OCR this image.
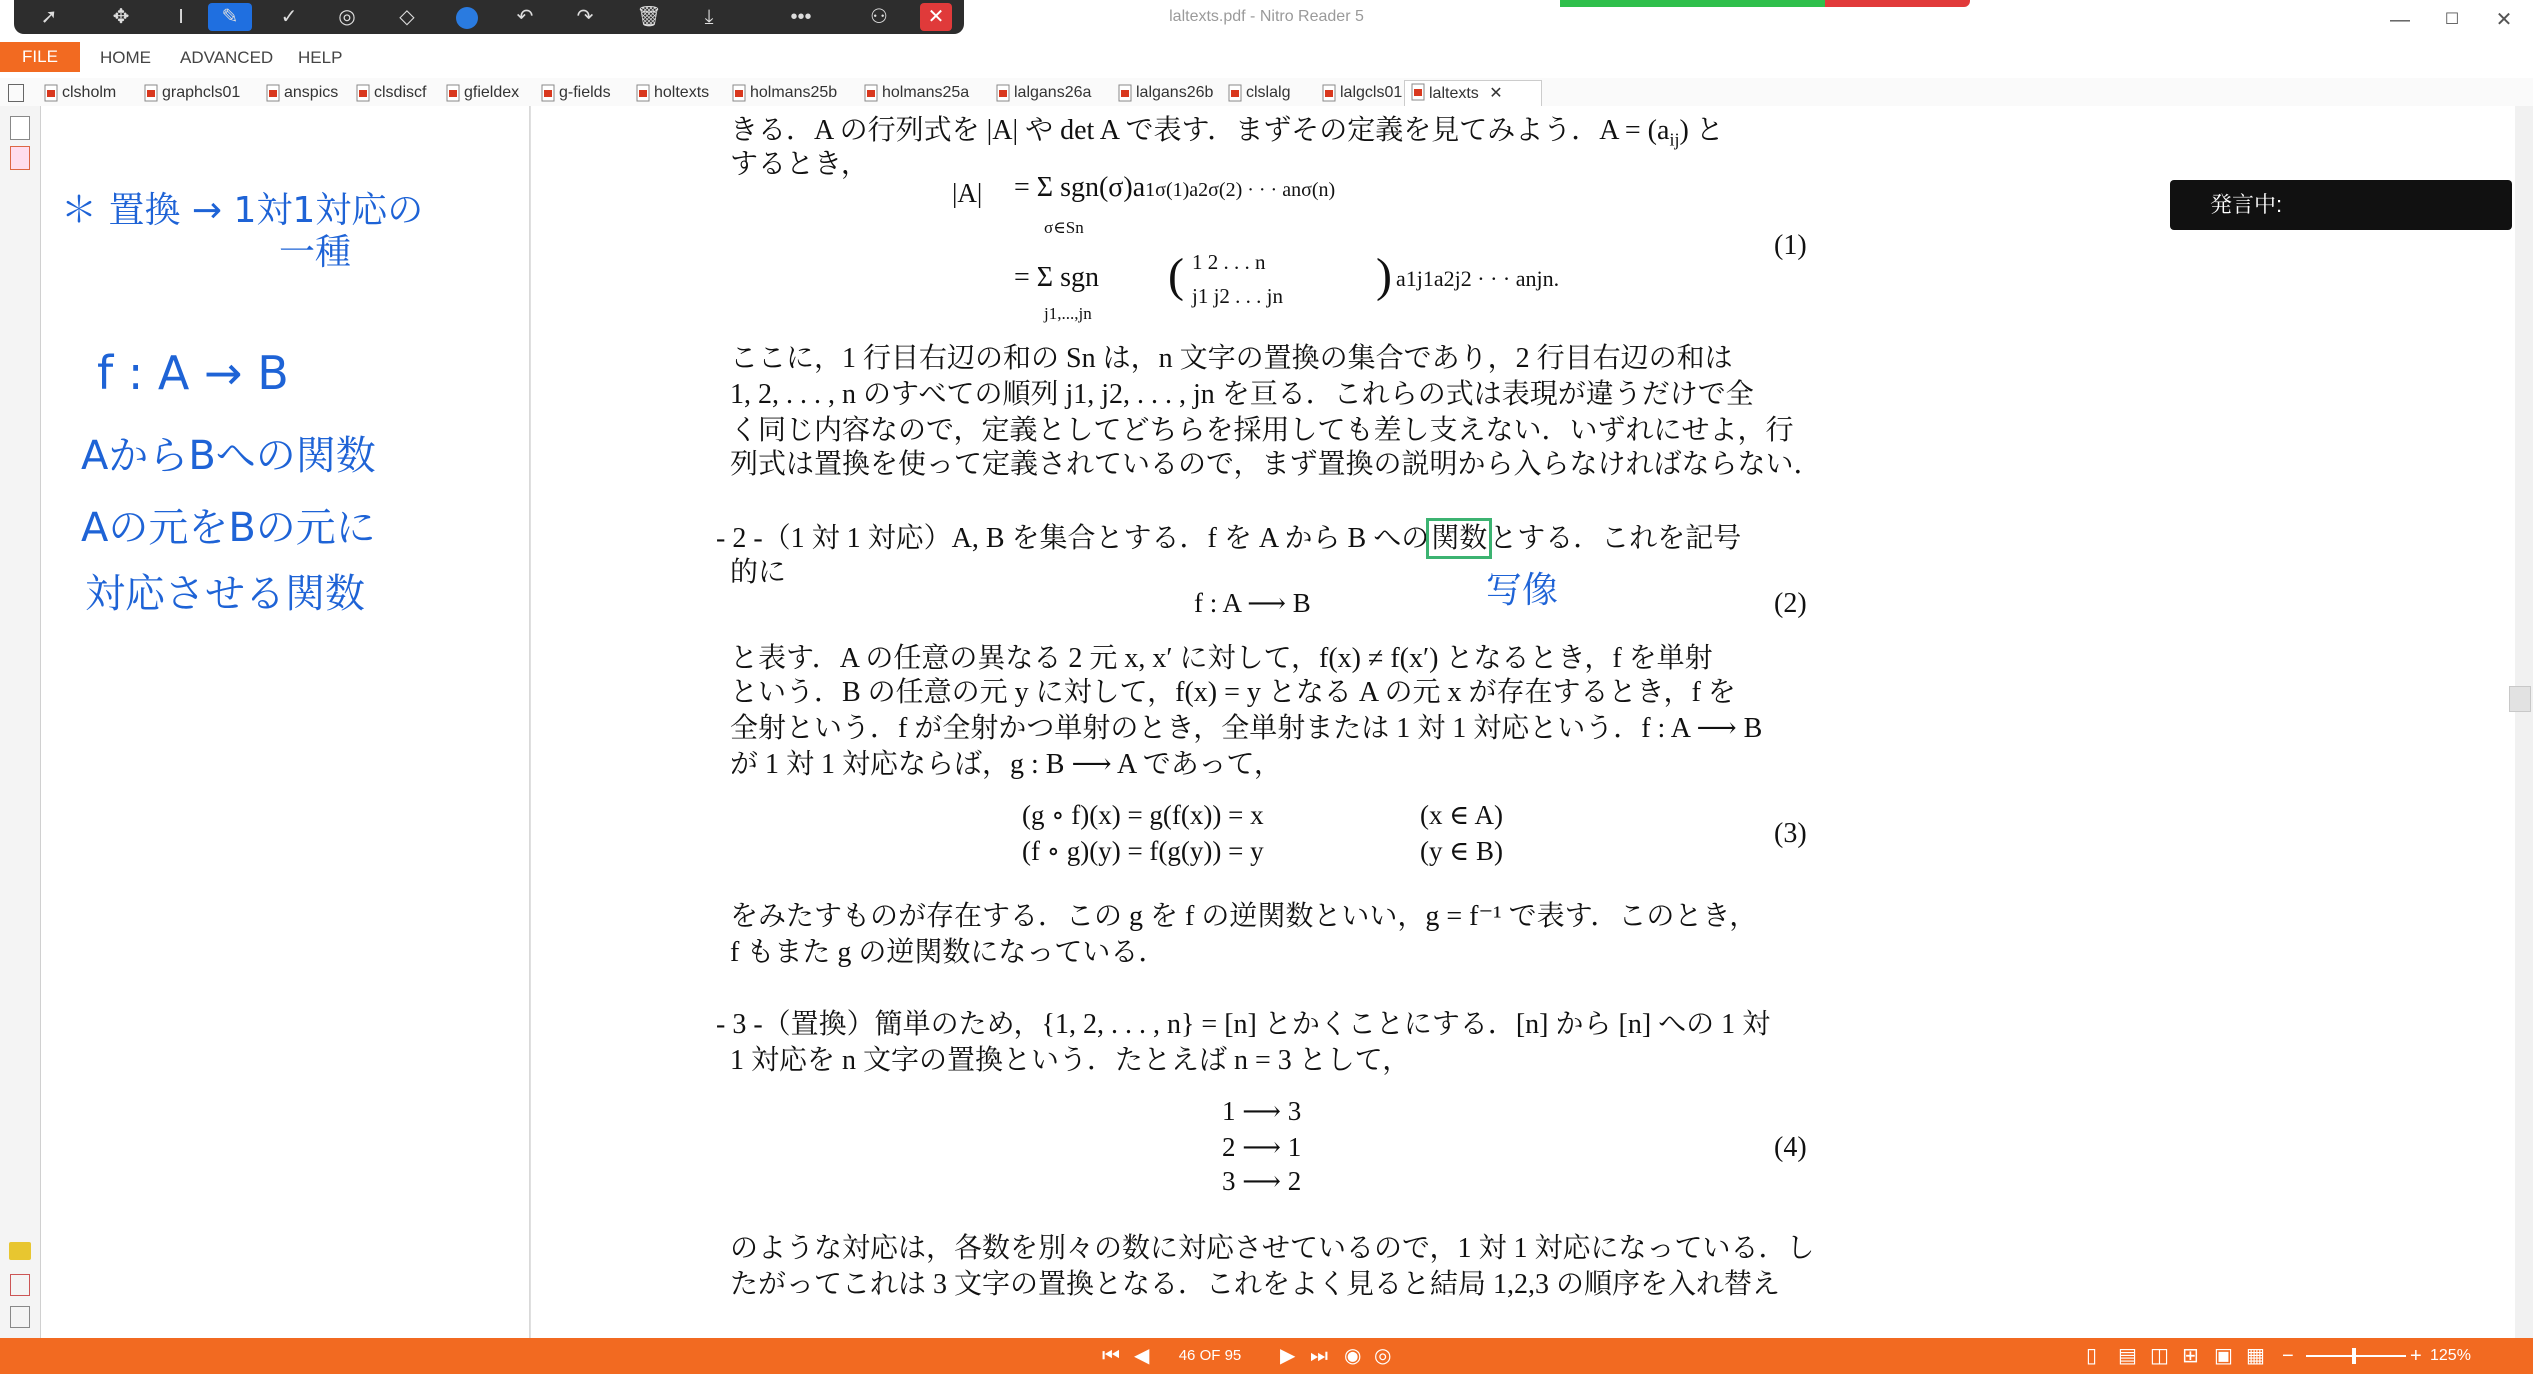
laltexts.pdf - Nitro Reader 5	—	☐	✕
➚	✥	I	✎	✓	◎	◇	↶	↷	🗑	⤓	•••	⚇	✕
FILE	HOME ADVANCED HELP
clsholm	graphcls01	anspics	clsdiscf	gfieldex	g-fields	holtexts	holmans25b	holmans25a	lalgans26a	lalgans26b	clslalg	lalgcls01	laltexts ✕
＊ 置換 → 1対1対応の
一種
f : A → B
AからBへの関数
Aの元をBの元に
対応させる関数
きる．A の行列式を |A| や det A で表す．まずその定義を見てみよう．$A = (a_{ij})$ と
するとき，
|A| = Σ sgn(σ)a1σ(1)a2σ(2) · · · anσ(n)
σ∈Sn
= Σ sgn
j1,...,jn
( 1 2 . . . n
j1 j2 . . . jn ) a1j1a2j2 · · · anjn.
(1)
ここに，1 行目右辺の和の Sn は，n 文字の置換の集合であり，2 行目右辺の和は
1, 2, . . . , n のすべての順列 j1, j2, . . . , jn を亘る．これらの式は表現が違うだけで全
く同じ内容なので，定義としてどちらを採用しても差し支えない．いずれにせよ，行
列式は置換を使って定義されているので，まず置換の説明から入らなければならない．
- 2 -（1 対 1 対応）A, B を集合とする．f を A から B への関数とする．これを記号
的に	写像
f : A ⟶ B	(2)
と表す．A の任意の異なる 2 元 x, x′ に対して，f(x) ≠ f(x′) となるとき，f を単射
という．B の任意の元 y に対して，f(x) = y となる A の元 x が存在するとき，f を
全射という．f が全射かつ単射のとき，全単射または 1 対 1 対応という．f : A ⟶ B
が 1 対 1 対応ならば，g : B ⟶ A であって，
(g ∘ f)(x) = g(f(x)) = x	(x ∈ A)
(f ∘ g)(y) = f(g(y)) = y	(y ∈ B)
(3)
をみたすものが存在する．この g を f の逆関数といい，g = f⁻¹ で表す．このとき，
f もまた g の逆関数になっている．
- 3 -（置換）簡単のため，{1, 2, . . . , n} = [n] とかくことにする．[n] から [n] への 1 対
1 対応を n 文字の置換という．たとえば n = 3 として，
1 ⟶ 3
2 ⟶ 1
3 ⟶ 2
(4)
のような対応は，各数を別々の数に対応させているので，1 対 1 対応になっている．し
たがってこれは 3 文字の置換となる．これをよく見ると結局 1,2,3 の順序を入れ替え
発言中:
⏮ ◀	46 OF 95	▶ ⏭ ◉ ◎	▯ ▤ ◫ ⊞ ▣ ▦ −	+ 125%
